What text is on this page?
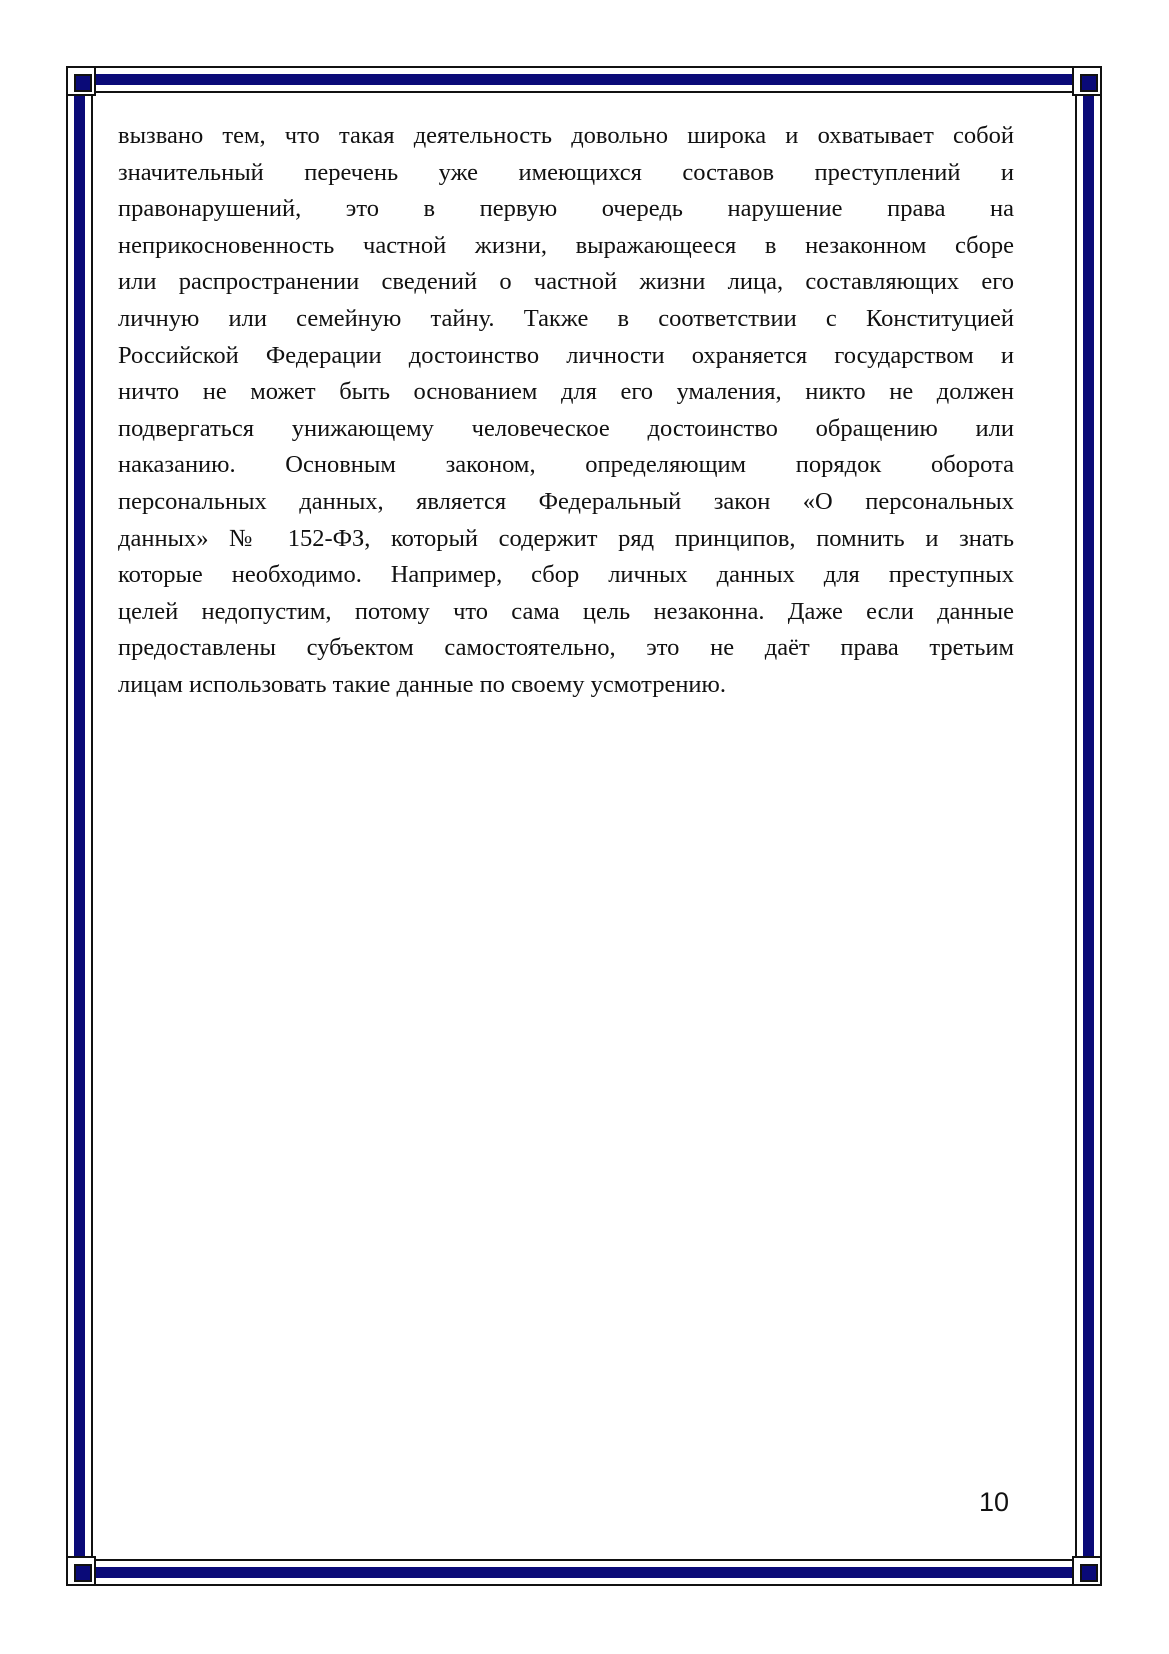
вызвано тем, что такая деятельность довольно широка и охватывает собой
значительный перечень уже имеющихся составов преступлений и
правонарушений, это в первую очередь нарушение права на
неприкосновенность частной жизни, выражающееся в незаконном сборе
или распространении сведений о частной жизни лица, составляющих его
личную или семейную тайну. Также в соответствии с Конституцией
Российской Федерации достоинство личности охраняется государством и
ничто не может быть основанием для его умаления, никто не должен
подвергаться унижающему человеческое достоинство обращению или
наказанию. Основным законом, определяющим порядок оборота
персональных данных, является Федеральный закон «О персональных
данных» № 152-ФЗ, который содержит ряд принципов, помнить и знать
которые необходимо. Например, сбор личных данных для преступных
целей недопустим, потому что сама цель незаконна. Даже если данные
предоставлены субъектом самостоятельно, это не даёт права третьим
лицам использовать такие данные по своему усмотрению.
10
